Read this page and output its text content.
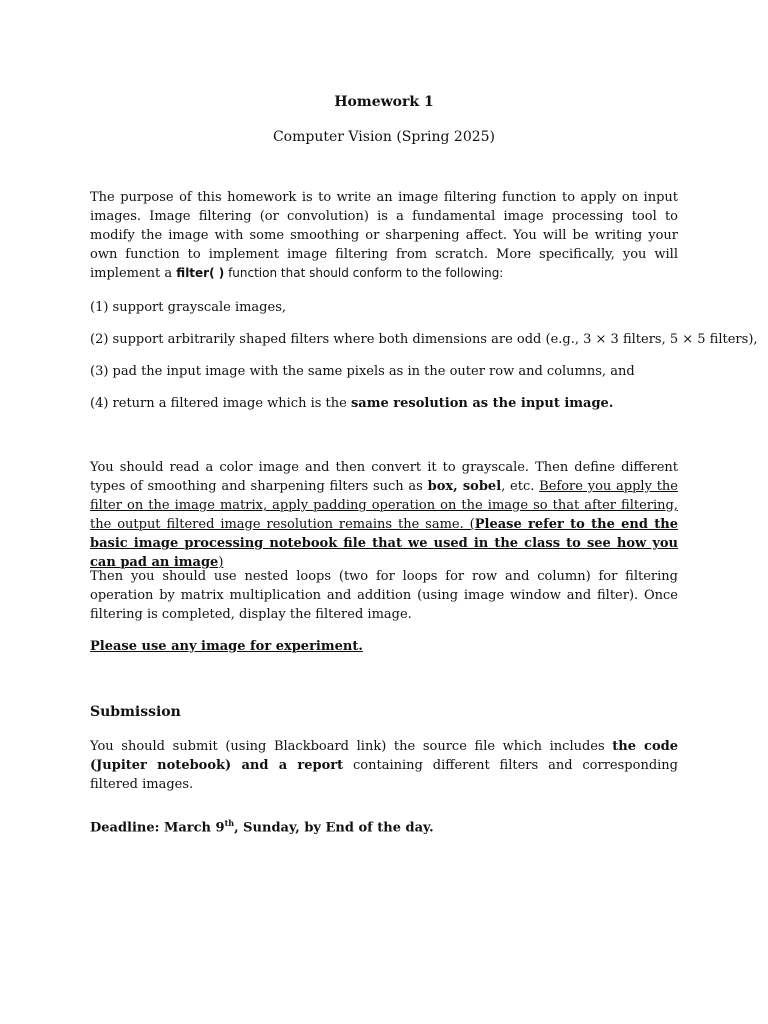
Homework 1
Computer Vision (Spring 2025)

The purpose of this homework is to write an image filtering function to apply on input images. Image filtering (or convolution) is a fundamental image processing tool to modify the image with some smoothing or sharpening affect. You will be writing your own function to implement image filtering from scratch. More specifically, you will implement a filter( ) function that should conform to the following:

(1) support grayscale images,
(2) support arbitrarily shaped filters where both dimensions are odd (e.g., 3 × 3 filters, 5 × 5 filters),
(3) pad the input image with the same pixels as in the outer row and columns, and
(4) return a filtered image which is the same resolution as the input image.

You should read a color image and then convert it to grayscale. Then define different types of smoothing and sharpening filters such as box, sobel, etc. Before you apply the filter on the image matrix, apply padding operation on the image so that after filtering, the output filtered image resolution remains the same. (Please refer to the end the basic image processing notebook file that we used in the class to see how you can pad an image)

Then you should use nested loops (two for loops for row and column) for filtering operation by matrix multiplication and addition (using image window and filter). Once filtering is completed, display the filtered image.

Please use any image for experiment.
Submission

You should submit (using Blackboard link) the source file which includes the code (Jupiter notebook) and a report containing different filters and corresponding filtered images.

Deadline: March 9th, Sunday, by End of the day.
